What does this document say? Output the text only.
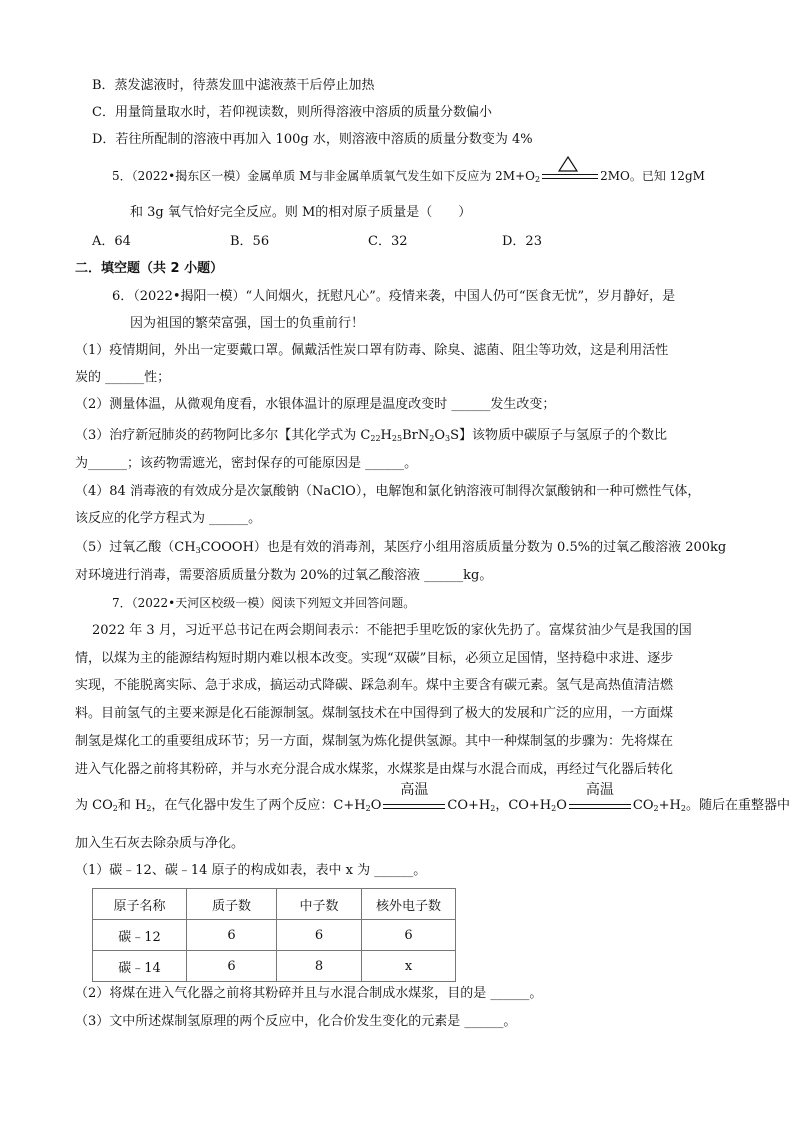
B．蒸发滤液时，待蒸发皿中滤液蒸干后停止加热
C．用量筒量取水时，若仰视读数，则所得溶液中溶质的质量分数偏小
D．若往所配制的溶液中再加入 100g 水，则溶液中溶质的质量分数变为 4%
5．（2022•揭东区一模）金属单质 M与非金属单质氧气发生如下反应为 $2M+O_2$	2MO。已知 12gM
和 3g 氧气恰好完全反应。则 M的相对原子质量是（　　）
A．64	B．56	C．32	D．23
二．填空题（共 2 小题）
6．（2022•揭阳一模）“人间烟火，抚慰凡心”。疫情来袭，中国人仍可“医食无忧”，岁月静好，是
因为祖国的繁荣富强，国士的负重前行！
（1）疫情期间，外出一定要戴口罩。佩戴活性炭口罩有防毒、除臭、滤菌、阻尘等功效，这是利用活性
炭的 ______性；
（2）测量体温，从微观角度看，水银体温计的原理是温度改变时 ______发生改变；
（3）治疗新冠肺炎的药物阿比多尔【其化学式为 $C_{22}H_{25}BrN_2O_3S$】该物质中碳原子与氢原子的个数比
为______；该药物需遮光，密封保存的可能原因是 ______。
（4）84 消毒液的有效成分是次氯酸钠（NaClO），电解饱和氯化钠溶液可制得次氯酸钠和一种可燃性气体，
该反应的化学方程式为 ______。
（5）过氧乙酸$(CH_3COOOH)$也是有效的消毒剂，某医疗小组用溶质质量分数为 0.5%的过氧乙酸溶液 200kg
对环境进行消毒，需要溶质质量分数为 20%的过氧乙酸溶液 ______kg。
7．（2022•天河区校级一模）阅读下列短文并回答问题。
2022 年 3 月，习近平总书记在两会期间表示：不能把手里吃饭的家伙先扔了。富煤贫油少气是我国的国
情，以煤为主的能源结构短时期内难以根本改变。实现“双碳”目标，必须立足国情，坚持稳中求进、逐步
实现，不能脱离实际、急于求成，搞运动式降碳、踩急刹车。煤中主要含有碳元素。氢气是高热值清洁燃
料。目前氢气的主要来源是化石能源制氢。煤制氢技术在中国得到了极大的发展和广泛的应用，一方面煤
制氢是煤化工的重要组成环节；另一方面，煤制氢为炼化提供氢源。其中一种煤制氢的步骤为：先将煤在
进入气化器之前将其粉碎，并与水充分混合成水煤浆，水煤浆是由煤与水混合而成，再经过气化器后转化
为 $CO_2$和 $H_2$，在气化器中发生了两个反应：$C+H_2O$
高温
$CO+H_2$，$CO+H_2O$
高温
$CO_2+H_2$。随后在重整器中
加入生石灰去除杂质与净化。
（1）碳﹣12、碳﹣14 原子的构成如表，表中 x 为 ______。
原子名称	质子数	中子数	核外电子数
碳﹣12	6	6	6
碳﹣14	6	8	x
（2）将煤在进入气化器之前将其粉碎并且与水混合制成水煤浆，目的是 ______。
（3）文中所述煤制氢原理的两个反应中，化合价发生变化的元素是 ______。
